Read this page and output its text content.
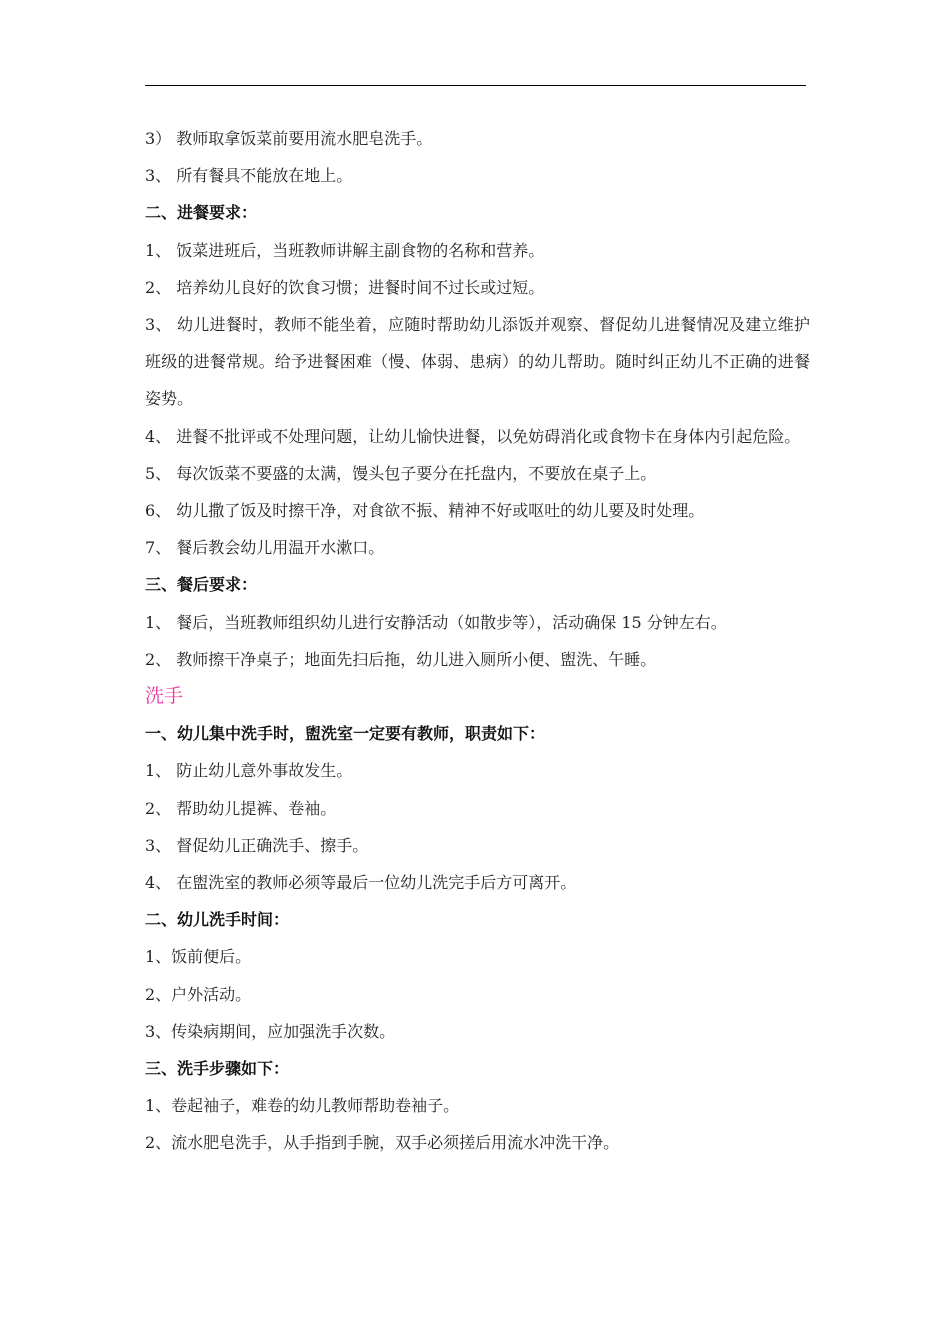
3） 教师取拿饭菜前要用流水肥皂洗手。

3、 所有餐具不能放在地上。

二、进餐要求：

1、 饭菜进班后，当班教师讲解主副食物的名称和营养。

2、 培养幼儿良好的饮食习惯；进餐时间不过长或过短。

3、 幼儿进餐时，教师不能坐着，应随时帮助幼儿添饭并观察、督促幼儿进餐情况及建立维护班级的进餐常规。给予进餐困难（慢、体弱、患病）的幼儿帮助。随时纠正幼儿不正确的进餐姿势。

4、 进餐不批评或不处理问题，让幼儿愉快进餐，以免妨碍消化或食物卡在身体内引起危险。

5、 每次饭菜不要盛的太满，馒头包子要分在托盘内，不要放在桌子上。

6、 幼儿撒了饭及时擦干净，对食欲不振、精神不好或呕吐的幼儿要及时处理。

7、 餐后教会幼儿用温开水漱口。

三、餐后要求：

1、 餐后，当班教师组织幼儿进行安静活动（如散步等），活动确保 15 分钟左右。

2、 教师擦干净桌子；地面先扫后拖，幼儿进入厕所小便、盥洗、午睡。

洗手

一、幼儿集中洗手时，盥洗室一定要有教师，职责如下：

1、 防止幼儿意外事故发生。

2、 帮助幼儿提裤、卷袖。

3、 督促幼儿正确洗手、擦手。

4、 在盥洗室的教师必须等最后一位幼儿洗完手后方可离开。

二、幼儿洗手时间：

1、饭前便后。

2、户外活动。

3、传染病期间，应加强洗手次数。

三、洗手步骤如下：

1、卷起袖子，难卷的幼儿教师帮助卷袖子。

2、流水肥皂洗手，从手指到手腕，双手必须搓后用流水冲洗干净。
